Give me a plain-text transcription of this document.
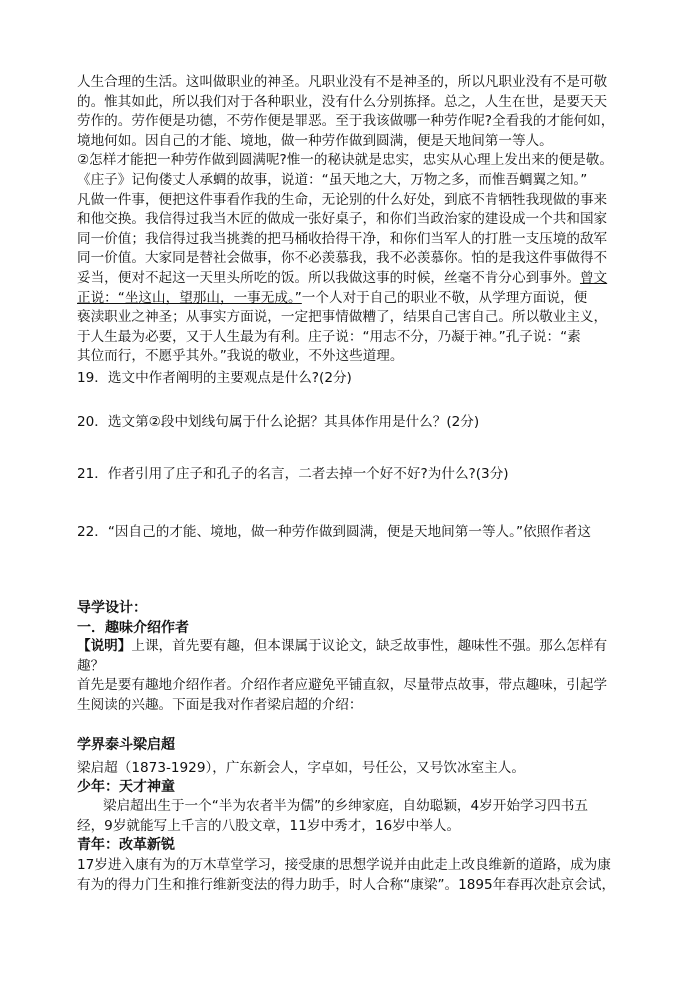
人生合理的生活。这叫做职业的神圣。凡职业没有不是神圣的，所以凡职业没有不是可敬
的。惟其如此，所以我们对于各种职业，没有什么分别拣择。总之，人生在世，是要天天
劳作的。劳作便是功德，不劳作便是罪恶。至于我该做哪一种劳作呢?全看我的才能何如，
境地何如。因自己的才能、境地，做一种劳作做到圆满，便是天地间第一等人。
②怎样才能把一种劳作做到圆满呢?惟一的秘诀就是忠实，忠实从心理上发出来的便是敬。
《庄子》记佝偻丈人承蜩的故事，说道：“虽天地之大，万物之多，而惟吾蜩翼之知。”
凡做一件事，便把这件事看作我的生命，无论别的什么好处，到底不肯牺牲我现做的事来
和他交换。我信得过我当木匠的做成一张好桌子，和你们当政治家的建设成一个共和国家
同一价值；我信得过我当挑粪的把马桶收拾得干净，和你们当军人的打胜一支压境的敌军
同一价值。大家同是替社会做事，你不必羡慕我，我不必羡慕你。怕的是我这件事做得不
妥当，便对不起这一天里头所吃的饭。所以我做这事的时候，丝毫不肯分心到事外。曾文
正说：“坐这山，望那山，一事无成。”一个人对于自己的职业不敬，从学理方面说，便
亵渎职业之神圣；从事实方面说，一定把事情做糟了，结果自己害自己。所以敬业主义，
于人生最为必要，又于人生最为有利。庄子说：“用志不分，乃凝于神。”孔子说：“素
其位而行，不愿乎其外。”我说的敬业，不外这些道理。

19．选文中作者阐明的主要观点是什么?(2分)

20．选文第②段中划线句属于什么论据？其具体作用是什么？(2分)

21．作者引用了庄子和孔子的名言，二者去掉一个好不好?为什么?(3分)

22．“因自己的才能、境地，做一种劳作做到圆满，便是天地间第一等人。”依照作者这

导学设计：

一．趣味介绍作者

【说明】上课，首先要有趣，但本课属于议论文，缺乏故事性，趣味性不强。那么怎样有
趣？
首先是要有趣地介绍作者。介绍作者应避免平铺直叙，尽量带点故事，带点趣味，引起学
生阅读的兴趣。下面是我对作者梁启超的介绍：

学界泰斗梁启超

梁启超（1873-1929），广东新会人，字卓如，号任公，又号饮冰室主人。

少年：天才神童

梁启超出生于一个“半为农者半为儒”的乡绅家庭，自幼聪颖，4岁开始学习四书五
经，9岁就能写上千言的八股文章，11岁中秀才，16岁中举人。

青年：改革新锐

17岁进入康有为的万木草堂学习，接受康的思想学说并由此走上改良维新的道路，成为康
有为的得力门生和推行维新变法的得力助手，时人合称“康梁”。1895年春再次赴京会试，
